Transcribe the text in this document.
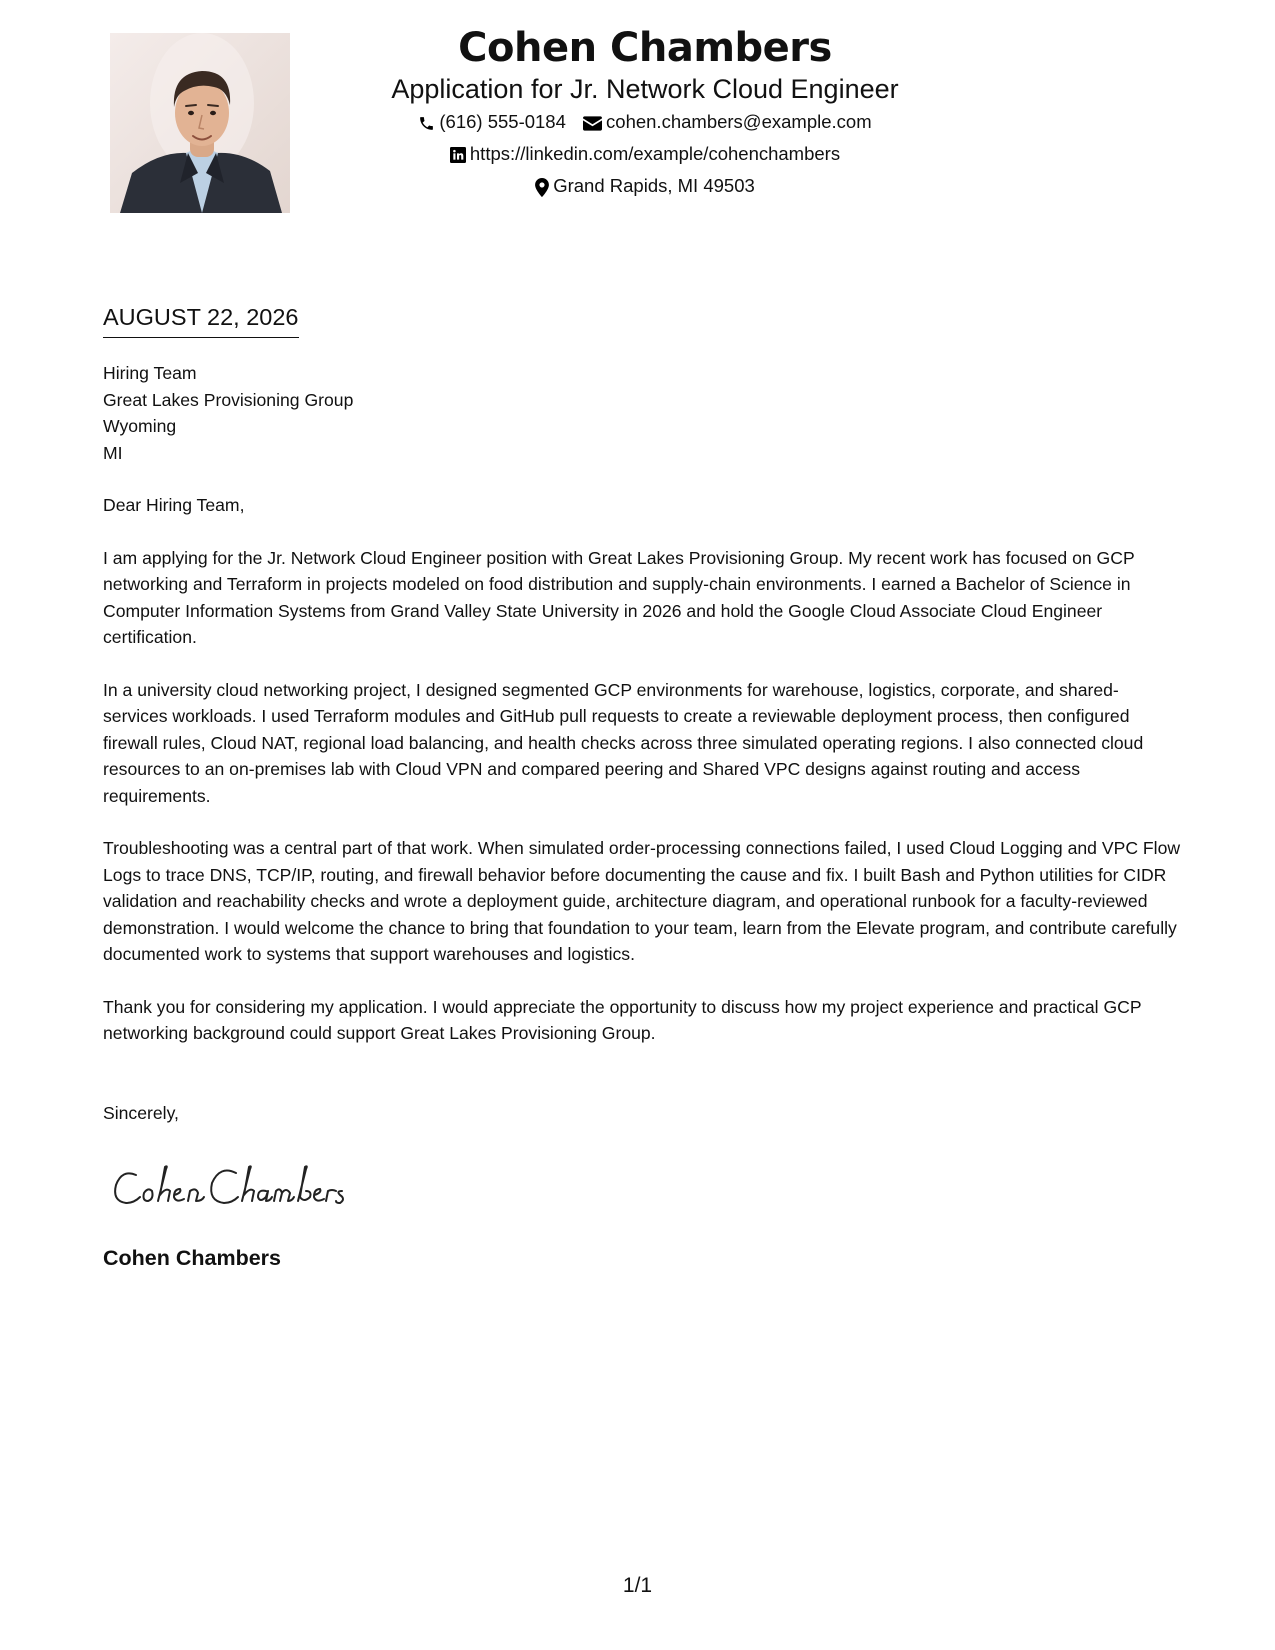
Cohen Chambers
Application for Jr. Network Cloud Engineer
(616) 555-0184
cohen.chambers@example.com
https://linkedin.com/example/cohenchambers
Grand Rapids, MI 49503
AUGUST 22, 2026
Hiring Team
Great Lakes Provisioning Group
Wyoming
MI
Dear Hiring Team,
I am applying for the Jr. Network Cloud Engineer position with Great Lakes Provisioning Group. My recent work has focused on GCP networking and Terraform in projects modeled on food distribution and supply-chain environments. I earned a Bachelor of Science in Computer Information Systems from Grand Valley State University in 2026 and hold the Google Cloud Associate Cloud Engineer certification.
In a university cloud networking project, I designed segmented GCP environments for warehouse, logistics, corporate, and shared-services workloads. I used Terraform modules and GitHub pull requests to create a reviewable deployment process, then configured firewall rules, Cloud NAT, regional load balancing, and health checks across three simulated operating regions. I also connected cloud resources to an on-premises lab with Cloud VPN and compared peering and Shared VPC designs against routing and access requirements.
Troubleshooting was a central part of that work. When simulated order-processing connections failed, I used Cloud Logging and VPC Flow Logs to trace DNS, TCP/IP, routing, and firewall behavior before documenting the cause and fix. I built Bash and Python utilities for CIDR validation and reachability checks and wrote a deployment guide, architecture diagram, and operational runbook for a faculty-reviewed demonstration. I would welcome the chance to bring that foundation to your team, learn from the Elevate program, and contribute carefully documented work to systems that support warehouses and logistics.
Thank you for considering my application. I would appreciate the opportunity to discuss how my project experience and practical GCP networking background could support Great Lakes Provisioning Group.
Sincerely,
Cohen Chambers
1/1
